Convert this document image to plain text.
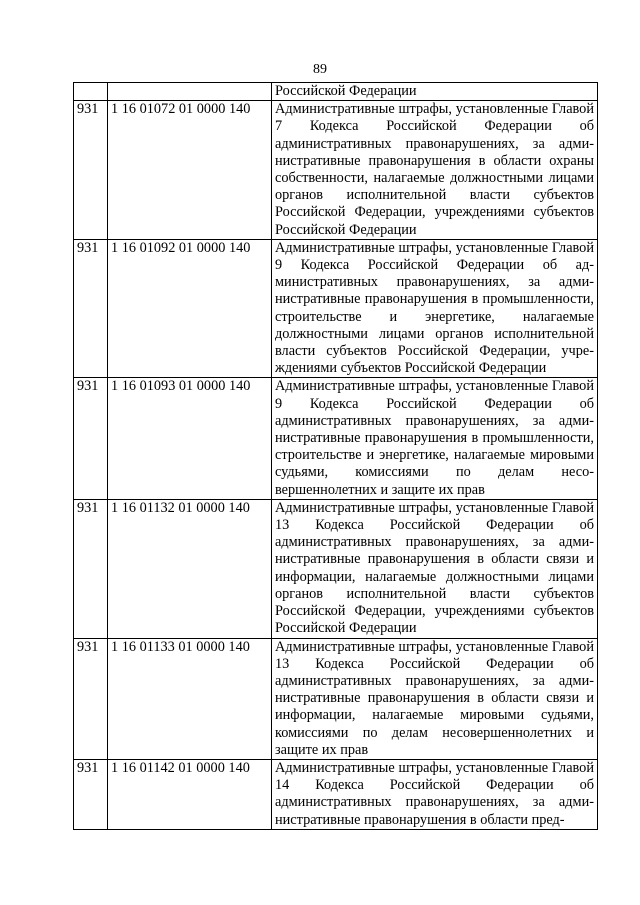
89
		Российской Федерации
931	1 16 01072 01 0000 140	Административные штрафы, установленные Главой 7 Кодекса Российской Федерации об административных правонарушениях, за административные правонарушения в области охраны собственности, налагаемые должностными лицами органов исполнительной власти субъектов Российской Федерации, учреждениями субъектов Российской Федерации
931	1 16 01092 01 0000 140	Административные штрафы, установленные Главой 9 Кодекса Российской Федерации об административных правонарушениях, за административные правонарушения в промышленности, строительстве и энергетике, налагаемые должностными лицами органов исполнительной власти субъектов Российской Федерации, учреждениями субъектов Российской Федерации
931	1 16 01093 01 0000 140	Административные штрафы, установленные Главой 9 Кодекса Российской Федерации об административных правонарушениях, за административные правонарушения в промышленности, строительстве и энергетике, налагаемые мировыми судьями, комиссиями по делам несовершеннолетних и защите их прав
931	1 16 01132 01 0000 140	Административные штрафы, установленные Главой 13 Кодекса Российской Федерации об административных правонарушениях, за административные правонарушения в области связи и информации, налагаемые должностными лицами органов исполнительной власти субъектов Российской Федерации, учреждениями субъектов Российской Федерации
931	1 16 01133 01 0000 140	Административные штрафы, установленные Главой 13 Кодекса Российской Федерации об административных правонарушениях, за административные правонарушения в области связи и информации, налагаемые мировыми судьями, комиссиями по делам несовершеннолетних и защите их прав
931	1 16 01142 01 0000 140	Административные штрафы, установленные Главой 14 Кодекса Российской Федерации об административных правонарушениях, за административные правонарушения в области пред-
